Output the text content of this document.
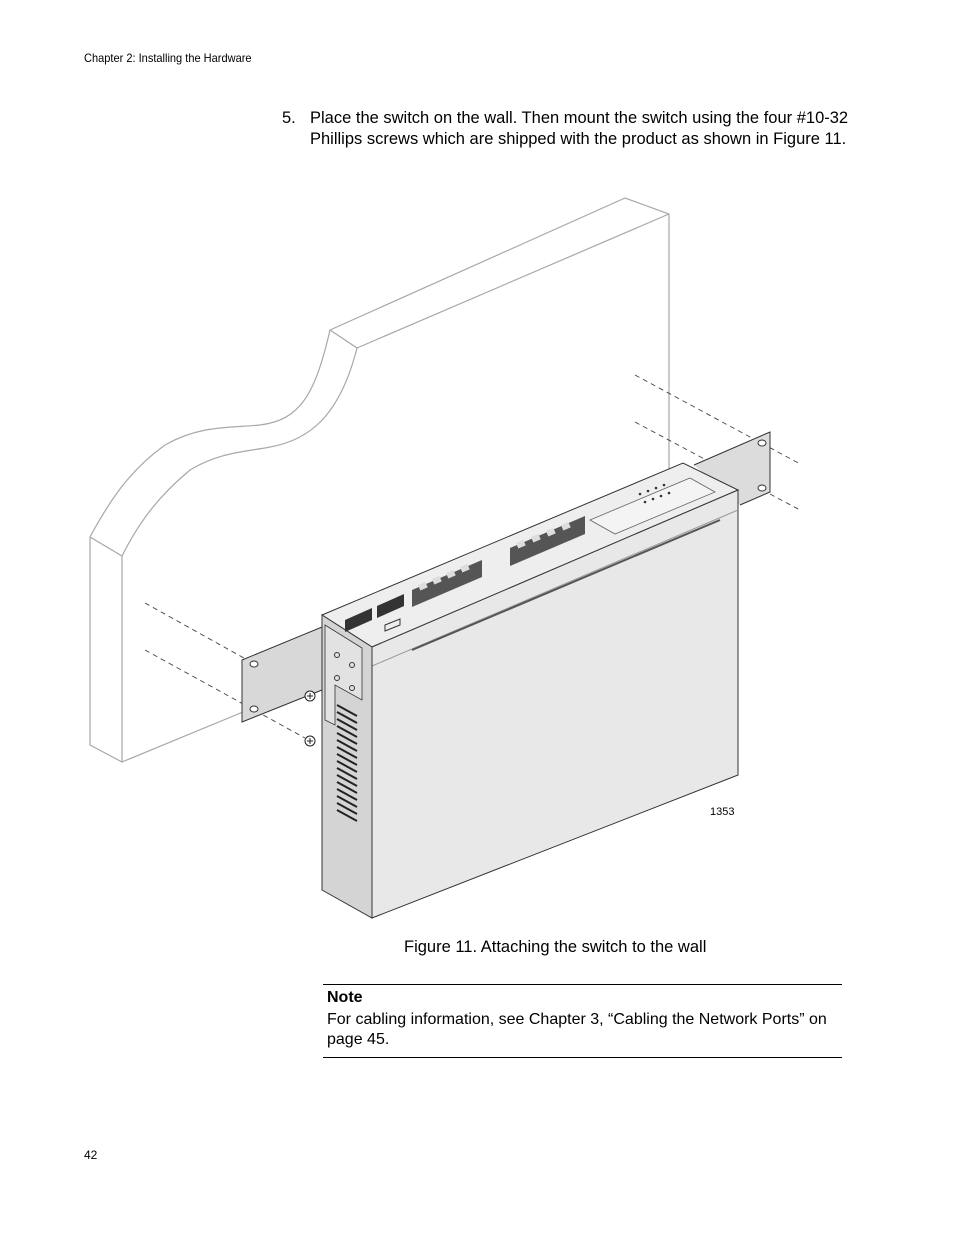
Chapter 2: Installing the Hardware
5. Place the switch on the wall. Then mount the switch using the four #10-32 Phillips screws which are shipped with the product as shown in Figure 11.
1353
Figure 11. Attaching the switch to the wall
Note
For cabling information, see Chapter 3, “Cabling the Network Ports” on page 45.
42
